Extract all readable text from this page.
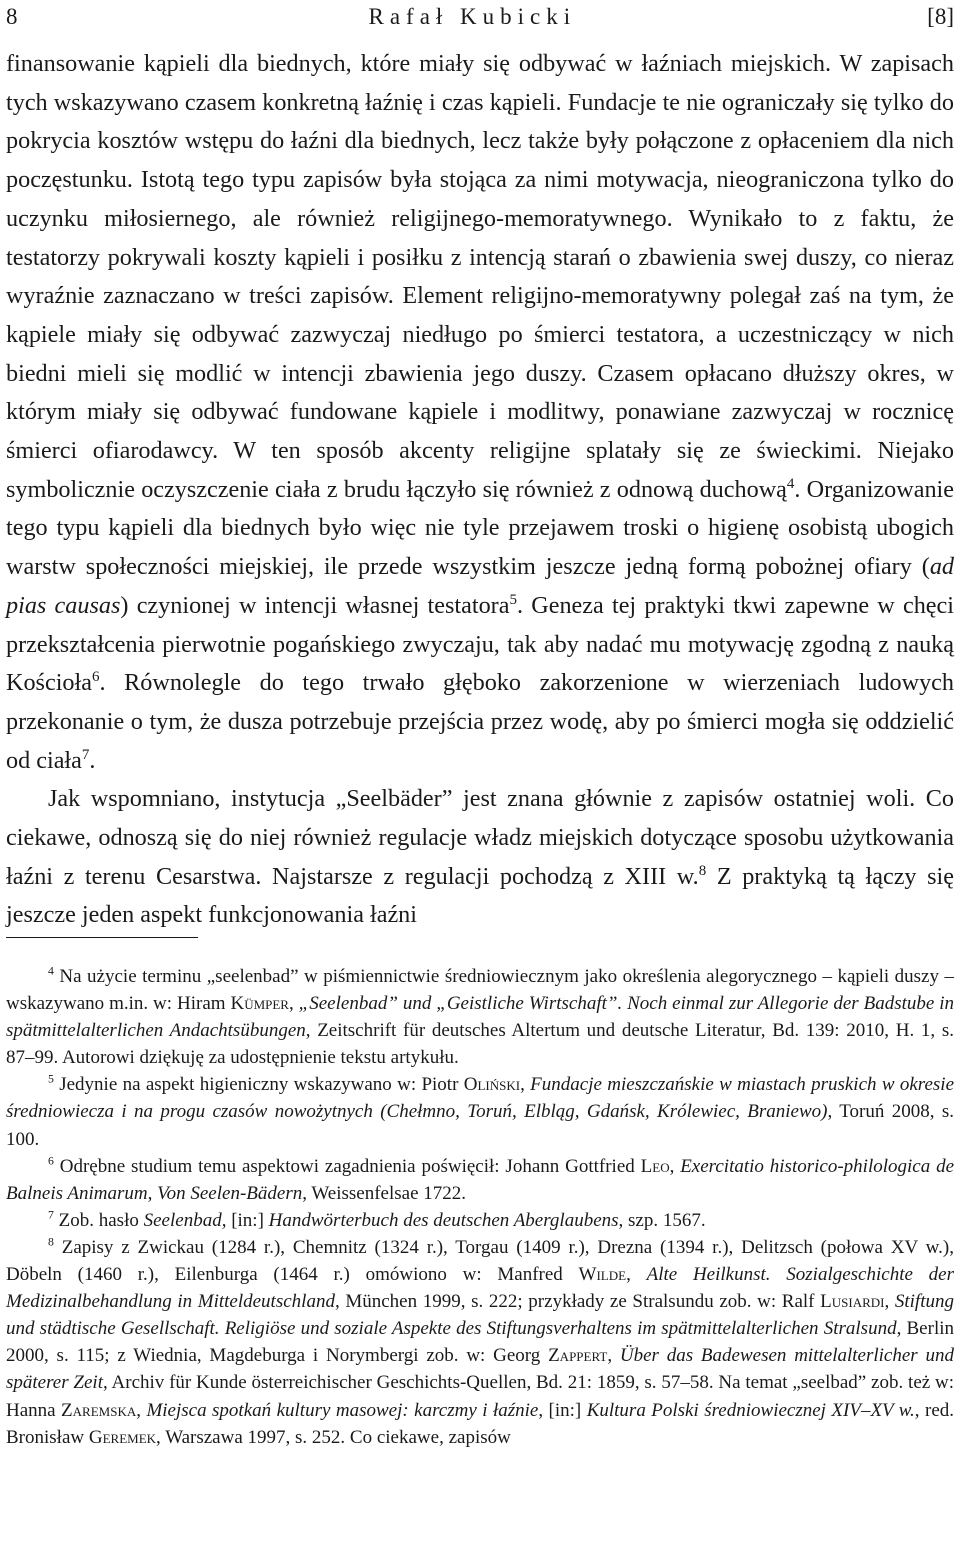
8	Rafał Kubicki	[8]

finansowanie kąpieli dla biednych, które miały się odbywać w łaźniach miejskich. W zapisach tych wskazywano czasem konkretną łaźnię i czas kąpieli. Fundacje te nie ograniczały się tylko do pokrycia kosztów wstępu do łaźni dla biednych, lecz także były połączone z opłaceniem dla nich poczęstunku. Istotą tego typu zapisów była stojąca za nimi motywacja, nieograniczona tylko do uczynku miłosiernego, ale również religijnego-memoratywnego. Wynikało to z faktu, że testatorzy pokrywali koszty kąpieli i posiłku z intencją starań o zbawienia swej duszy, co nieraz wyraźnie zaznaczano w treści zapisów. Element religijno-memoratywny polegał zaś na tym, że kąpiele miały się odbywać zazwyczaj niedługo po śmierci testatora, a uczestniczący w nich biedni mieli się modlić w intencji zbawienia jego duszy. Czasem opłacano dłuższy okres, w którym miały się odbywać fundowane kąpiele i modlitwy, ponawiane zazwyczaj w rocznicę śmierci ofiarodawcy. W ten sposób akcenty religijne splatały się ze świeckimi. Niejako symbolicznie oczyszczenie ciała z brudu łączyło się również z odnową duchową$^4$. Organizowanie tego typu kąpieli dla biednych było więc nie tyle przejawem troski o higienę osobistą ubogich warstw społeczności miejskiej, ile przede wszystkim jeszcze jedną formą pobożnej ofiary (ad pias causas) czynionej w intencji własnej testatora$^5$. Geneza tej praktyki tkwi zapewne w chęci przekształcenia pierwotnie pogańskiego zwyczaju, tak aby nadać mu motywację zgodną z nauką Kościoła$^6$. Równolegle do tego trwało głęboko zakorzenione w wierzeniach ludowych przekonanie o tym, że dusza potrzebuje przejścia przez wodę, aby po śmierci mogła się oddzielić od ciała$^7$.

Jak wspomniano, instytucja „Seelbäder” jest znana głównie z zapisów ostatniej woli. Co ciekawe, odnoszą się do niej również regulacje władz miejskich dotyczące sposobu użytkowania łaźni z terenu Cesarstwa. Najstarsze z regulacji pochodzą z XIII w.$^8$ Z praktyką tą łączy się jeszcze jeden aspekt funkcjonowania łaźni

$^4$ Na użycie terminu „seelenbad” w piśmiennictwie średniowiecznym jako określenia alegorycznego – kąpieli duszy – wskazywano m.in. w: Hiram Kümper, „Seelenbad” und „Geistliche Wirtschaft”. Noch einmal zur Allegorie der Badstube in spätmittelalterlichen Andachtsübungen, Zeitschrift für deutsches Altertum und deutsche Literatur, Bd. 139: 2010, H. 1, s. 87–99. Autorowi dziękuję za udostępnienie tekstu artykułu.

$^5$ Jedynie na aspekt higieniczny wskazywano w: Piotr Oliński, Fundacje mieszczańskie w miastach pruskich w okresie średniowiecza i na progu czasów nowożytnych (Chełmno, Toruń, Elbląg, Gdańsk, Królewiec, Braniewo), Toruń 2008, s. 100.

$^6$ Odrębne studium temu aspektowi zagadnienia poświęcił: Johann Gottfried Leo, Exercitatio historico-philologica de Balneis Animarum, Von Seelen-Bädern, Weissenfelsae 1722.

$^7$ Zob. hasło Seelenbad, [in:] Handwörterbuch des deutschen Aberglaubens, szp. 1567.

$^8$ Zapisy z Zwickau (1284 r.), Chemnitz (1324 r.), Torgau (1409 r.), Drezna (1394 r.), Delitzsch (połowa XV w.), Döbeln (1460 r.), Eilenburga (1464 r.) omówiono w: Manfred Wilde, Alte Heilkunst. Sozialgeschichte der Medizinalbehandlung in Mitteldeutschland, München 1999, s. 222; przykłady ze Stralsundu zob. w: Ralf Lusiardi, Stiftung und städtische Gesellschaft. Religiöse und soziale Aspekte des Stiftungsverhaltens im spätmittelalterlichen Stralsund, Berlin 2000, s. 115; z Wiednia, Magdeburga i Norymbergi zob. w: Georg Zappert, Über das Badewesen mittelalterlicher und späterer Zeit, Archiv für Kunde österreichischer Geschichts-Quellen, Bd. 21: 1859, s. 57–58. Na temat „seelbad” zob. też w: Hanna Zaremska, Miejsca spotkań kultury masowej: karczmy i łaźnie, [in:] Kultura Polski średniowiecznej XIV–XV w., red. Bronisław Geremek, Warszawa 1997, s. 252. Co ciekawe, zapisów
